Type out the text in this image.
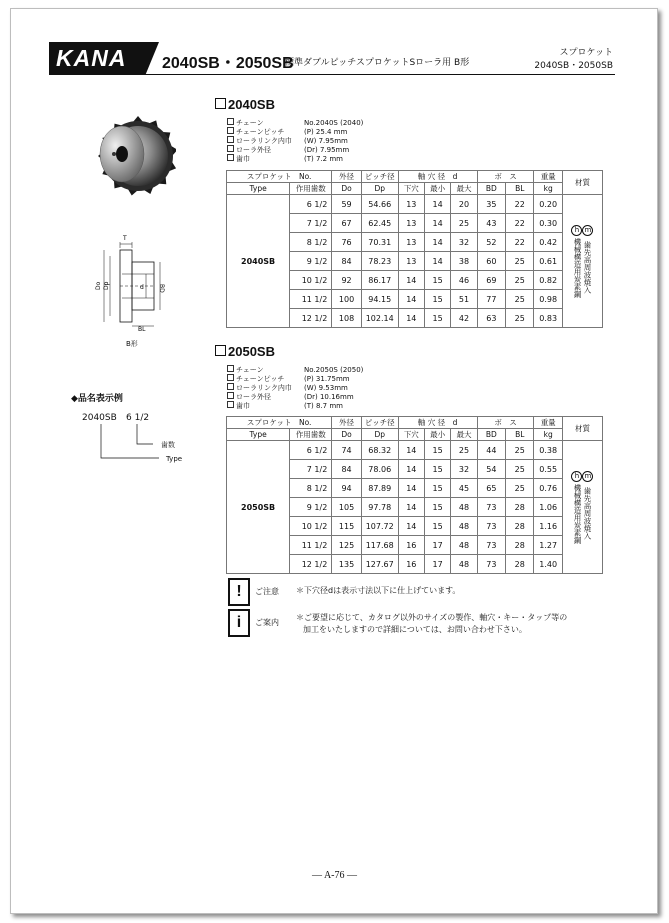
KANA 2040SB・2050SB
標準ダブルピッチスプロケットSローラ用 B形
スプロケット
2040SB・2050SB
T
Do Dp	d BD
BL
B形
◆品名表示例
2040SB 6 1/2
歯数
Type
2040SB
チェーン	No.2040S (2040)
チェーンピッチ	(P) 25.4 mm
ローラリンク内巾 (W) 7.95mm
ローラ外径	(Dr) 7.95mm
歯巾	(T) 7.2 mm
スプロケット　 No.		外径	ピッチ径	軸 穴 径　d			ボ　ス		重量	材質
Type	作用歯数	Do	Dp	下穴	最小	最大	BD	BL	kg	
2040SB	6 1/2	59	54.66	13	14	20	35	22	0.20	h m
機械構造用炭素鋼 歯先高周波焼入

	7 1/2	67	62.45	13	14	25	43	22	0.30	
	8 1/2	76	70.31	13	14	32	52	22	0.42	
	9 1/2	84	78.23	13	14	38	60	25	0.61	
	10 1/2	92	86.17	14	15	46	69	25	0.82	
	11 1/2	100	94.15	14	15	51	77	25	0.98	
	12 1/2	108	102.14	14	15	42	63	25	0.83	
2050SB
チェーン	No.2050S (2050)
チェーンピッチ	(P) 31.75mm
ローラリンク内巾 (W) 9.53mm
ローラ外径	(Dr) 10.16mm
歯巾	(T) 8.7 mm
スプロケット　 No.		外径	ピッチ径	軸 穴 径　d			ボ　ス		重量	材質
Type	作用歯数	Do	Dp	下穴	最小	最大	BD	BL	kg	
2050SB	6 1/2	74	68.32	14	15	25	44	25	0.38	h m
機械構造用炭素鋼 歯先高周波焼入

	7 1/2	84	78.06	14	15	32	54	25	0.55	
	8 1/2	94	87.89	14	15	45	65	25	0.76	
	9 1/2	105	97.78	14	15	48	73	28	1.06	
	10 1/2	115	107.72	14	15	48	73	28	1.16	
	11 1/2	125	117.68	16	17	48	73	28	1.27	
	12 1/2	135	127.67	16	17	48	73	28	1.40	
!	ご注意 ＊下穴径dは表示寸法以下に仕上げています。
i	ご案内
＊ご要望に応じて、カタログ以外のサイズの製作、軸穴・キー・タップ等の
加工をいたしますので詳細については、お問い合わせ下さい。
— A-76 —
